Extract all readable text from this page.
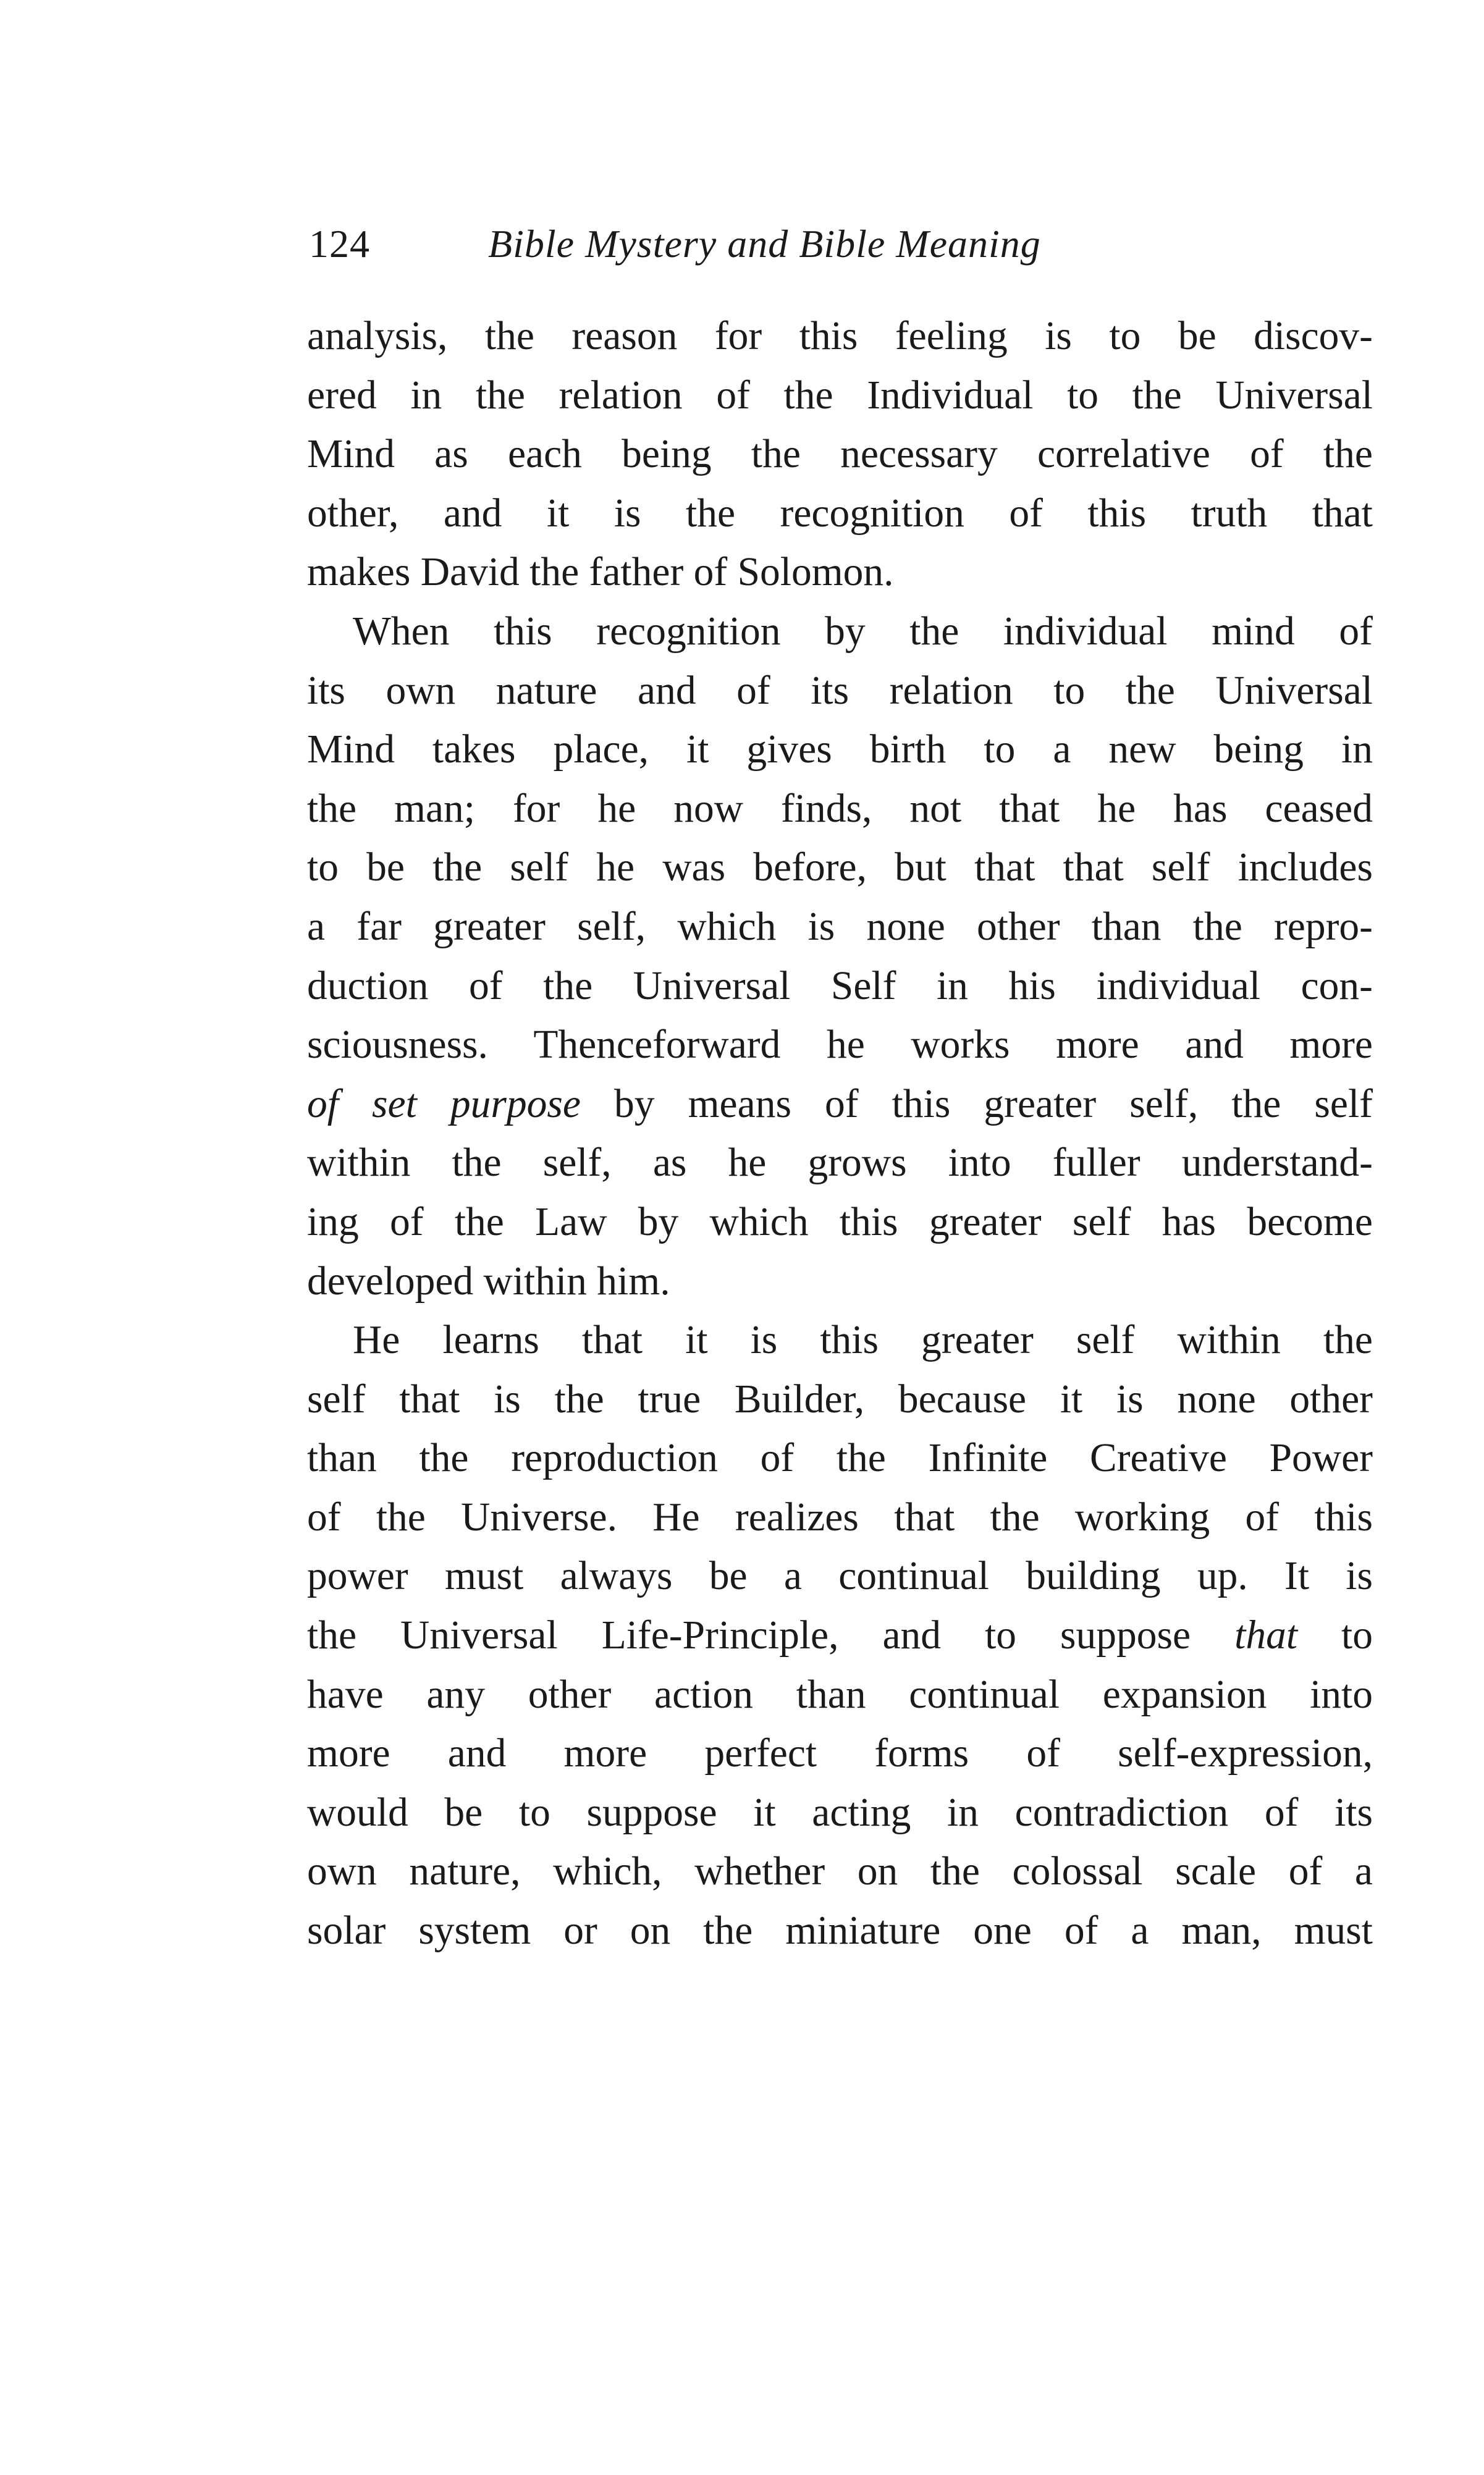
124	Bible Mystery and Bible Meaning
analysis, the reason for this feeling is to be discov-
ered in the relation of the Individual to the Universal
Mind as each being the necessary correlative of the
other, and it is the recognition of this truth that
makes David the father of Solomon.
When this recognition by the individual mind of
its own nature and of its relation to the Universal
Mind takes place, it gives birth to a new being in
the man; for he now finds, not that he has ceased
to be the self he was before, but that that self includes
a far greater self, which is none other than the repro-
duction of the Universal Self in his individual con-
sciousness. Thenceforward he works more and more
of set purpose by means of this greater self, the self
within the self, as he grows into fuller understand-
ing of the Law by which this greater self has become
developed within him.
He learns that it is this greater self within the
self that is the true Builder, because it is none other
than the reproduction of the Infinite Creative Power
of the Universe. He realizes that the working of this
power must always be a continual building up. It is
the Universal Life-Principle, and to suppose that to
have any other action than continual expansion into
more and more perfect forms of self-expression,
would be to suppose it acting in contradiction of its
own nature, which, whether on the colossal scale of a
solar system or on the miniature one of a man, must
